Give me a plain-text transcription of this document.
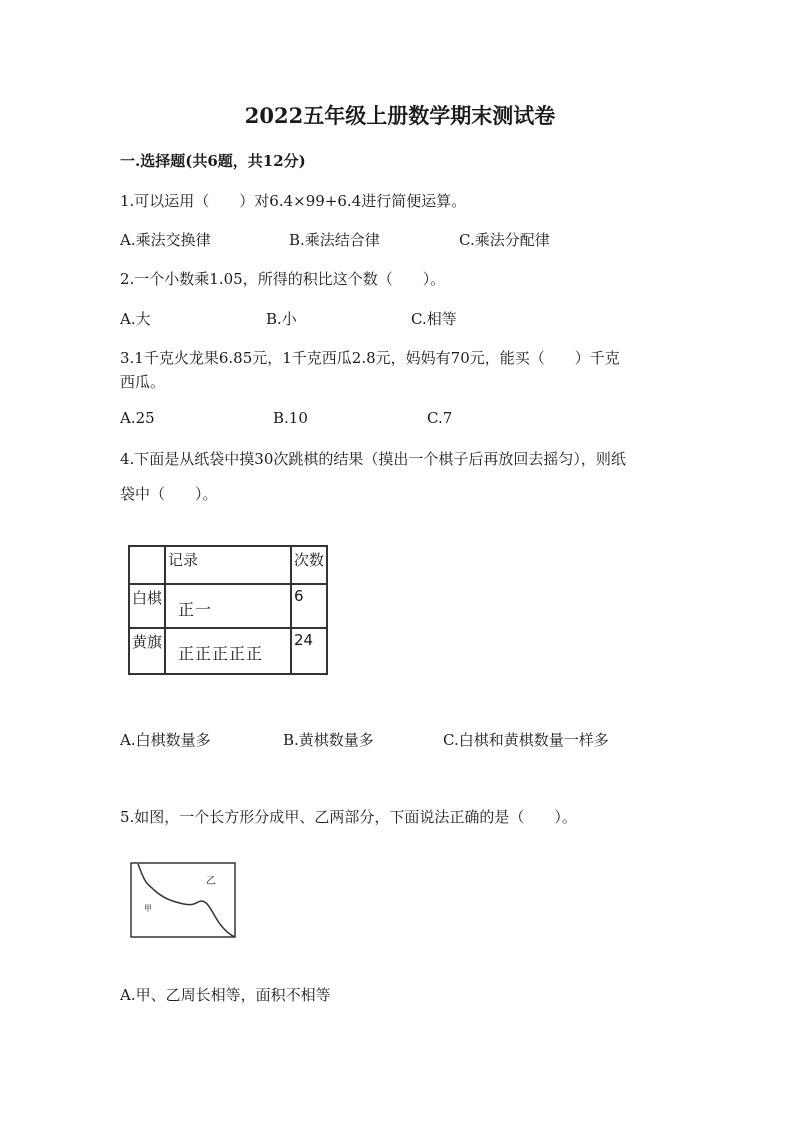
2022五年级上册数学期末测试卷
一.选择题(共6题，共12分)
1.可以运用（　　）对6.4×99+6.4进行简便运算。
A.乘法交换律	B.乘法结合律	C.乘法分配律
2.一个小数乘1.05，所得的积比这个数（　　）。
A.大	B.小	C.相等
3.1千克火龙果6.85元，1千克西瓜2.8元，妈妈有70元，能买（　　）千克
西瓜。
A.25	B.10	C.7
4.下面是从纸袋中摸30次跳棋的结果（摸出一个棋子后再放回去摇匀），则纸
袋中（　　）。
	记录	次数
白棋	正一	6
黄旗	正正正正正	24
A.白棋数量多	B.黄棋数量多	C.白棋和黄棋数量一样多
5.如图，一个长方形分成甲、乙两部分，下面说法正确的是（　　）。
乙
甲
A.甲、乙周长相等，面积不相等
